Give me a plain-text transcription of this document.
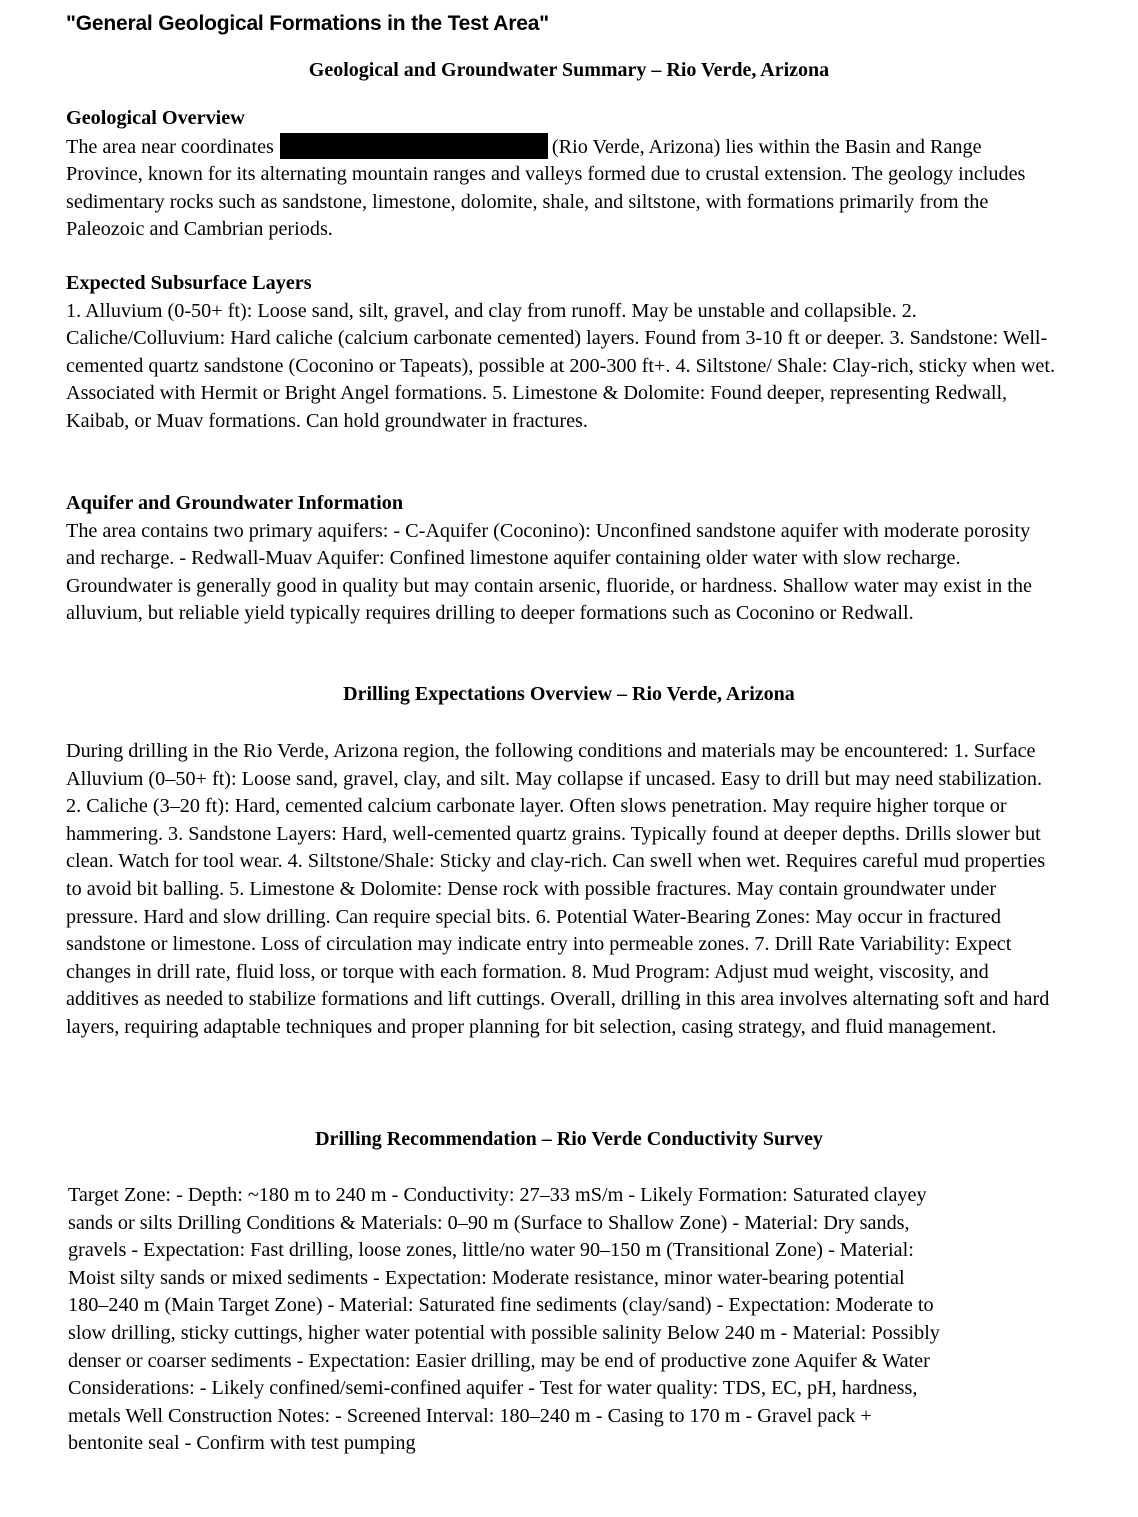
"General Geological Formations in the Test Area"
Geological and Groundwater Summary – Rio Verde, Arizona
Geological Overview
The area near coordinates	(Rio Verde, Arizona) lies within the Basin and Range Province, known for its alternating mountain ranges and valleys formed due to crustal extension. The geology includes sedimentary rocks such as sandstone, limestone, dolomite, shale, and siltstone, with formations primarily from the Paleozoic and Cambrian periods.
Expected Subsurface Layers
1. Alluvium (0-50+ ft): Loose sand, silt, gravel, and clay from runoff. May be unstable and collapsible. 2. Caliche/Colluvium: Hard caliche (calcium carbonate cemented) layers. Found from 3-10 ft or deeper. 3. Sandstone: Well-cemented quartz sandstone (Coconino or Tapeats), possible at 200-300 ft+. 4. Siltstone/ Shale: Clay-rich, sticky when wet. Associated with Hermit or Bright Angel formations. 5. Limestone & Dolomite: Found deeper, representing Redwall, Kaibab, or Muav formations. Can hold groundwater in fractures.
Aquifer and Groundwater Information
The area contains two primary aquifers: - C-Aquifer (Coconino): Unconfined sandstone aquifer with moderate porosity and recharge. - Redwall-Muav Aquifer: Confined limestone aquifer containing older water with slow recharge. Groundwater is generally good in quality but may contain arsenic, fluoride, or hardness. Shallow water may exist in the alluvium, but reliable yield typically requires drilling to deeper formations such as Coconino or Redwall.
Drilling Expectations Overview – Rio Verde, Arizona
During drilling in the Rio Verde, Arizona region, the following conditions and materials may be encountered: 1. Surface Alluvium (0–50+ ft): Loose sand, gravel, clay, and silt. May collapse if uncased. Easy to drill but may need stabilization. 2. Caliche (3–20 ft): Hard, cemented calcium carbonate layer. Often slows penetration. May require higher torque or hammering. 3. Sandstone Layers: Hard, well-cemented quartz grains. Typically found at deeper depths. Drills slower but clean. Watch for tool wear. 4. Siltstone/Shale: Sticky and clay-rich. Can swell when wet. Requires careful mud properties to avoid bit balling. 5. Limestone & Dolomite: Dense rock with possible fractures. May contain groundwater under pressure. Hard and slow drilling. Can require special bits. 6. Potential Water-Bearing Zones: May occur in fractured sandstone or limestone. Loss of circulation may indicate entry into permeable zones. 7. Drill Rate Variability: Expect changes in drill rate, fluid loss, or torque with each formation. 8. Mud Program: Adjust mud weight, viscosity, and additives as needed to stabilize formations and lift cuttings. Overall, drilling in this area involves alternating soft and hard layers, requiring adaptable techniques and proper planning for bit selection, casing strategy, and fluid management.
Drilling Recommendation – Rio Verde Conductivity Survey
Target Zone: - Depth: ~180 m to 240 m - Conductivity: 27–33 mS/m - Likely Formation: Saturated clayey sands or silts Drilling Conditions & Materials: 0–90 m (Surface to Shallow Zone) - Material: Dry sands, gravels - Expectation: Fast drilling, loose zones, little/no water 90–150 m (Transitional Zone) - Material: Moist silty sands or mixed sediments - Expectation: Moderate resistance, minor water-bearing potential 180–240 m (Main Target Zone) - Material: Saturated fine sediments (clay/sand) - Expectation: Moderate to slow drilling, sticky cuttings, higher water potential with possible salinity Below 240 m - Material: Possibly denser or coarser sediments - Expectation: Easier drilling, may be end of productive zone Aquifer & Water Considerations: - Likely confined/semi-confined aquifer - Test for water quality: TDS, EC, pH, hardness, metals Well Construction Notes: - Screened Interval: 180–240 m - Casing to 170 m - Gravel pack + bentonite seal - Confirm with test pumping
